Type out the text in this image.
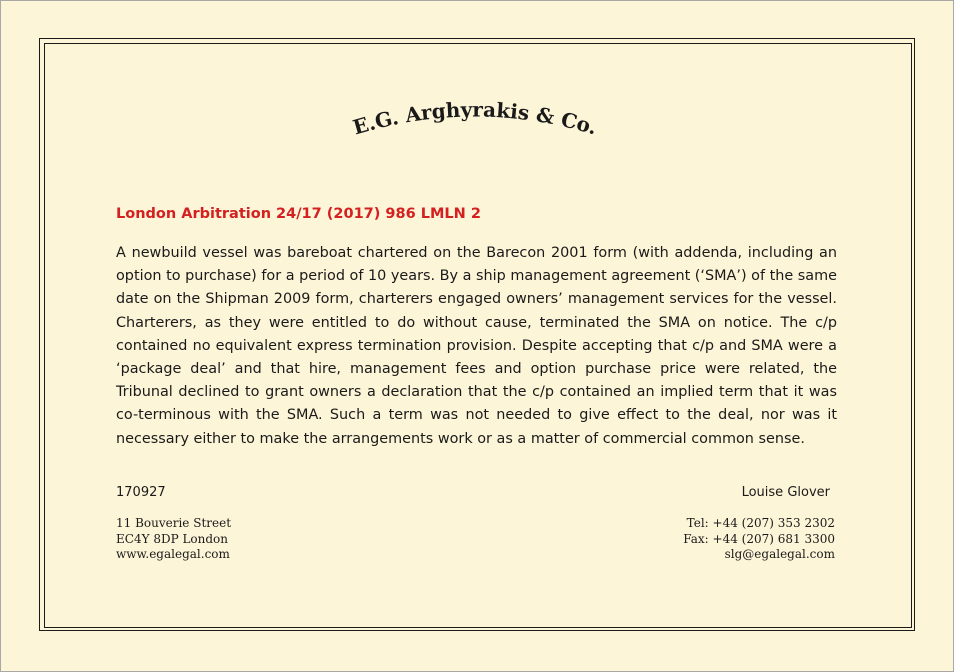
E.G. Arghyrakis & Co.
London Arbitration 24/17 (2017) 986 LMLN 2

A newbuild vessel was bareboat chartered on the Barecon 2001 form (with addenda, including an option to purchase) for a period of 10 years. By a ship management agreement (‘SMA’) of the same date on the Shipman 2009 form, charterers engaged owners’ management services for the vessel. Charterers, as they were entitled to do without cause, terminated the SMA on notice. The c/p contained no equivalent express termination provision. Despite accepting that c/p and SMA were a ‘package deal’ and that hire, management fees and option purchase price were related, the Tribunal declined to grant owners a declaration that the c/p contained an implied term that it was co-terminous with the SMA. Such a term was not needed to give effect to the deal, nor was it necessary either to make the arrangements work or as a matter of commercial common sense.

170927	Louise Glover
11 Bouverie Street
EC4Y 8DP London
www.egalegal.com
Tel: +44 (207) 353 2302
Fax: +44 (207) 681 3300
slg@egalegal.com
